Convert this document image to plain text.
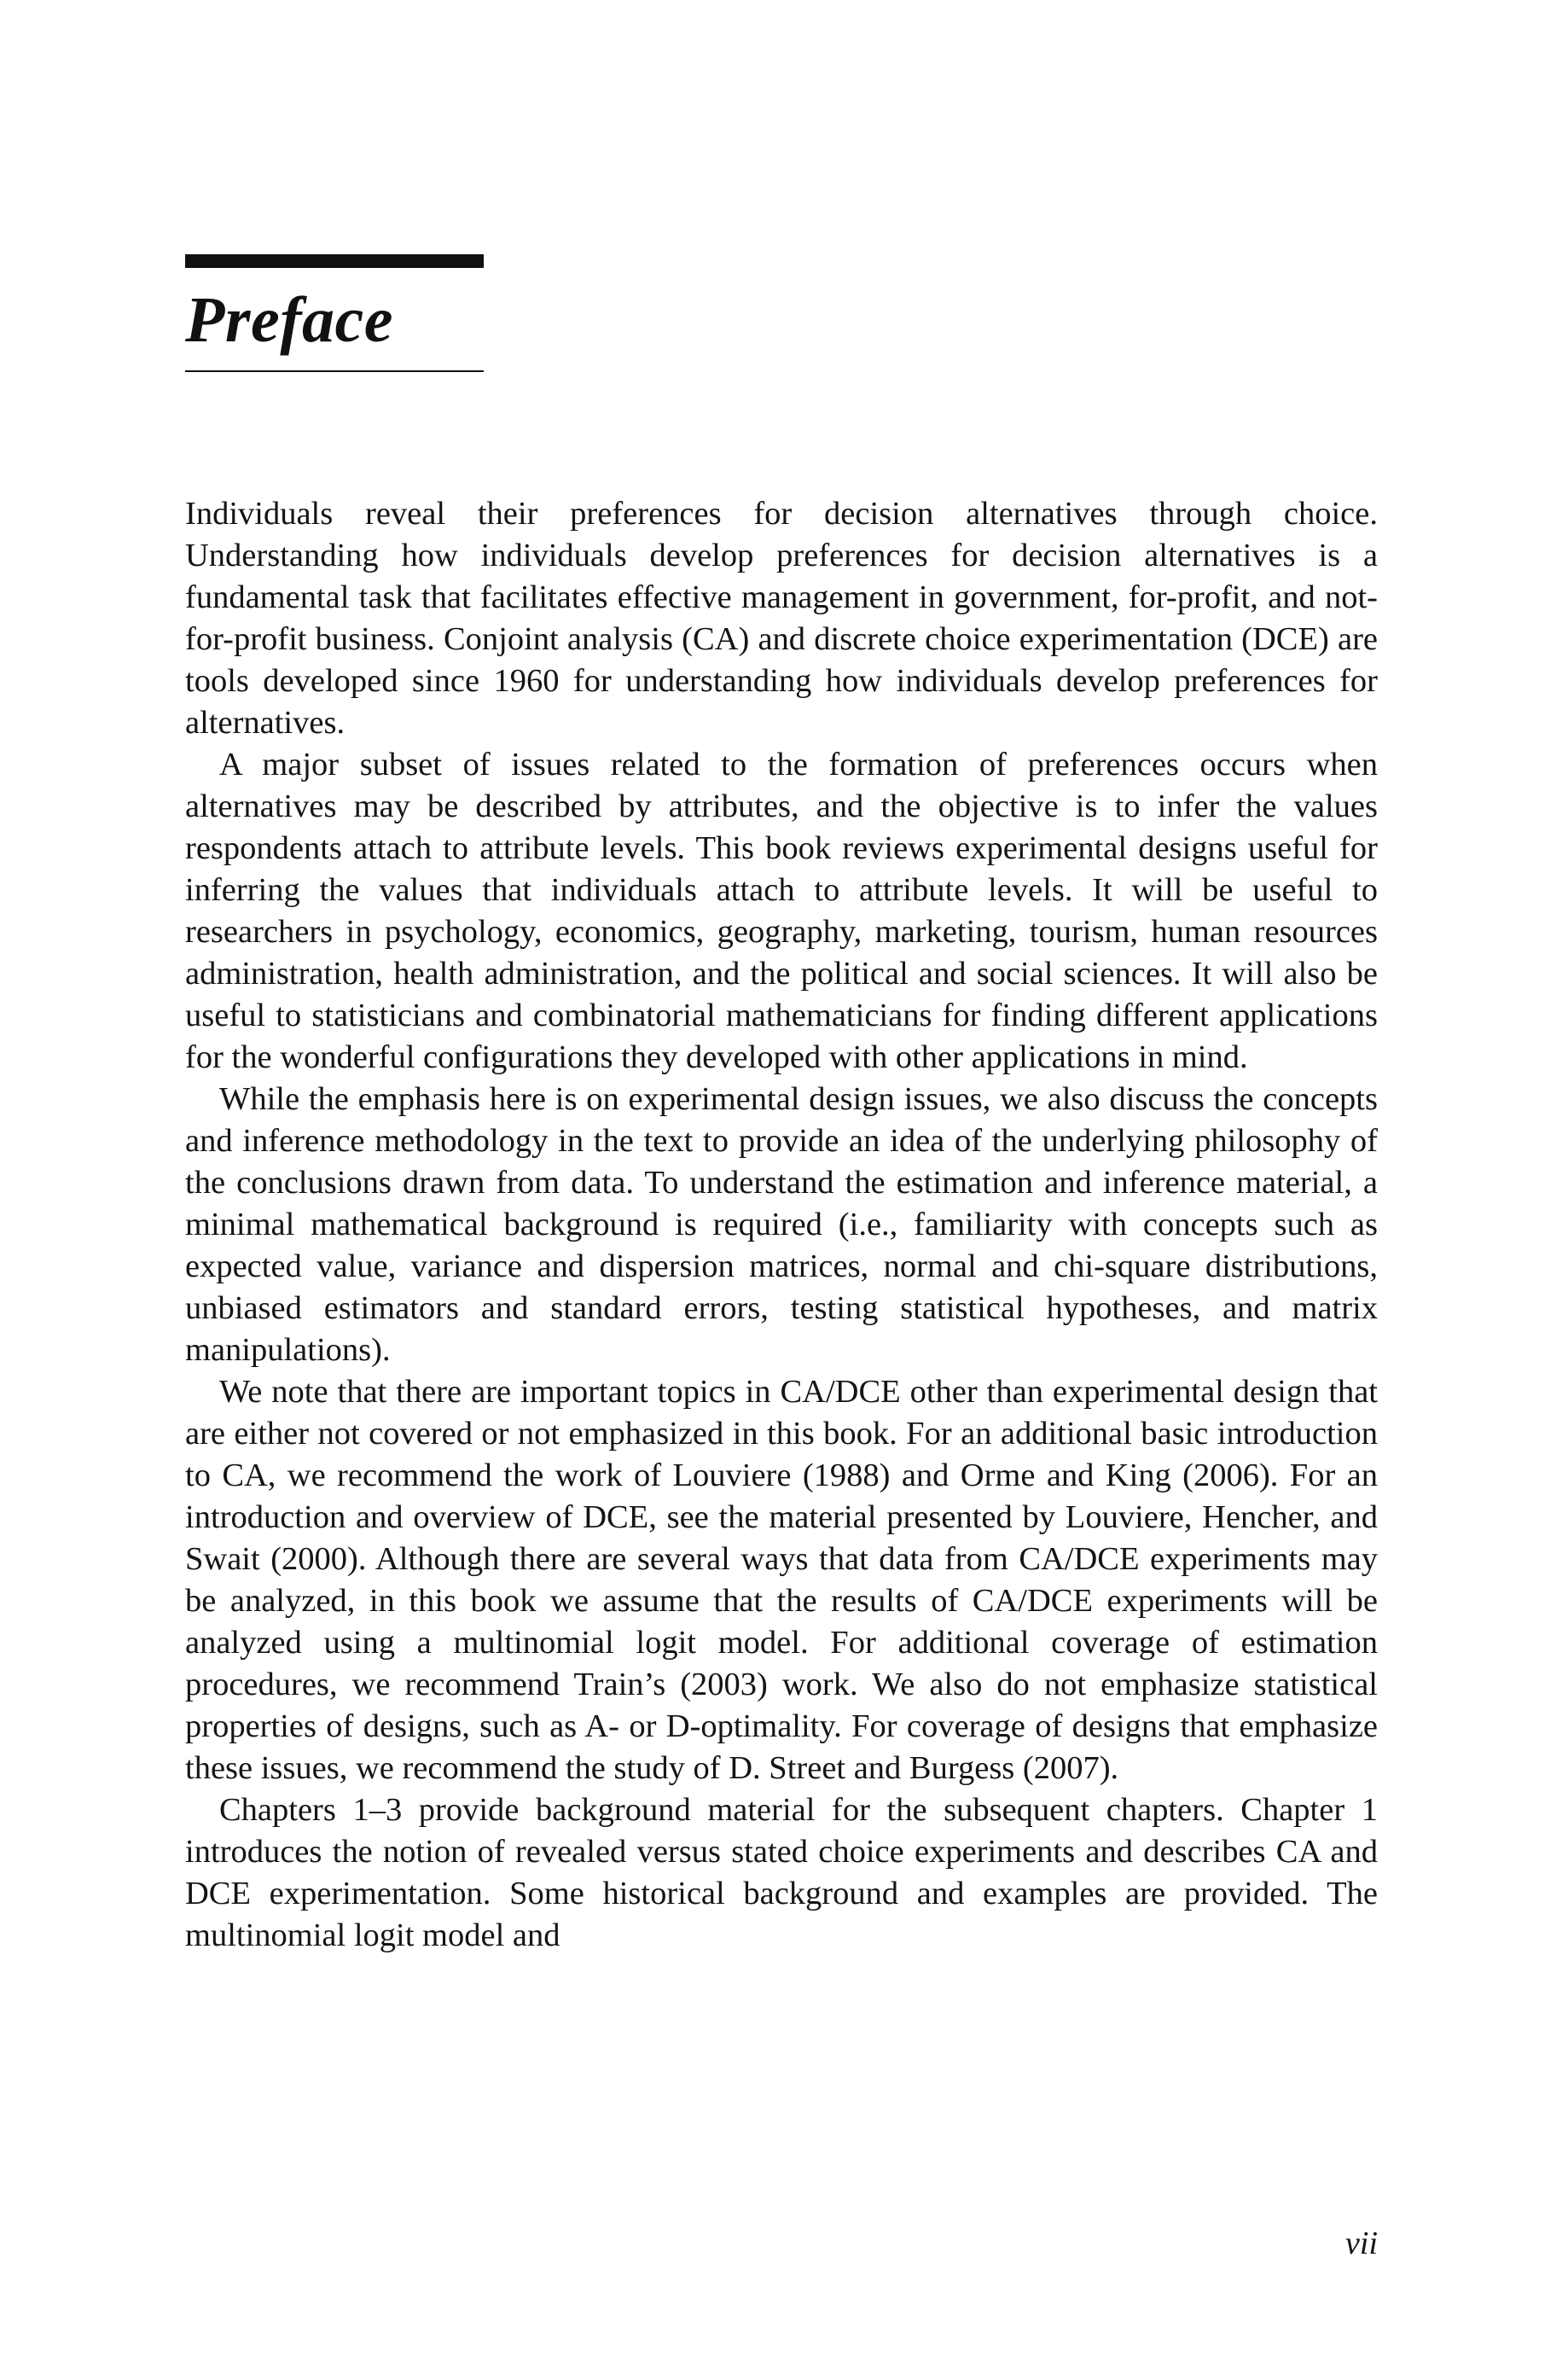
Preface

Individuals reveal their preferences for decision alternatives through choice. Understanding how individuals develop preferences for decision alternatives is a fundamental task that facilitates effective management in government, for-profit, and not-for-profit business. Conjoint analysis (CA) and discrete choice experimentation (DCE) are tools developed since 1960 for understanding how individuals develop preferences for alternatives.

A major subset of issues related to the formation of preferences occurs when alternatives may be described by attributes, and the objective is to infer the values respondents attach to attribute levels. This book reviews experimental designs useful for inferring the values that individuals attach to attribute levels. It will be useful to researchers in psychology, economics, geography, marketing, tourism, human resources administration, health administration, and the political and social sciences. It will also be useful to statisticians and combinatorial mathematicians for finding different applications for the wonderful configurations they developed with other applications in mind.

While the emphasis here is on experimental design issues, we also discuss the concepts and inference methodology in the text to provide an idea of the underlying philosophy of the conclusions drawn from data. To understand the estimation and inference material, a minimal mathematical background is required (i.e., familiarity with concepts such as expected value, variance and dispersion matrices, normal and chi-square distributions, unbiased estimators and standard errors, testing statistical hypotheses, and matrix manipulations).

We note that there are important topics in CA/DCE other than experimental design that are either not covered or not emphasized in this book. For an additional basic introduction to CA, we recommend the work of Louviere (1988) and Orme and King (2006). For an introduction and overview of DCE, see the material presented by Louviere, Hencher, and Swait (2000). Although there are several ways that data from CA/DCE experiments may be analyzed, in this book we assume that the results of CA/DCE experiments will be analyzed using a multinomial logit model. For additional coverage of estimation procedures, we recommend Train’s (2003) work. We also do not emphasize statistical properties of designs, such as A- or D-optimality. For coverage of designs that emphasize these issues, we recommend the study of D. Street and Burgess (2007).

Chapters 1–3 provide background material for the subsequent chapters. Chapter 1 introduces the notion of revealed versus stated choice experiments and describes CA and DCE experimentation. Some historical background and examples are provided. The multinomial logit model and

vii
